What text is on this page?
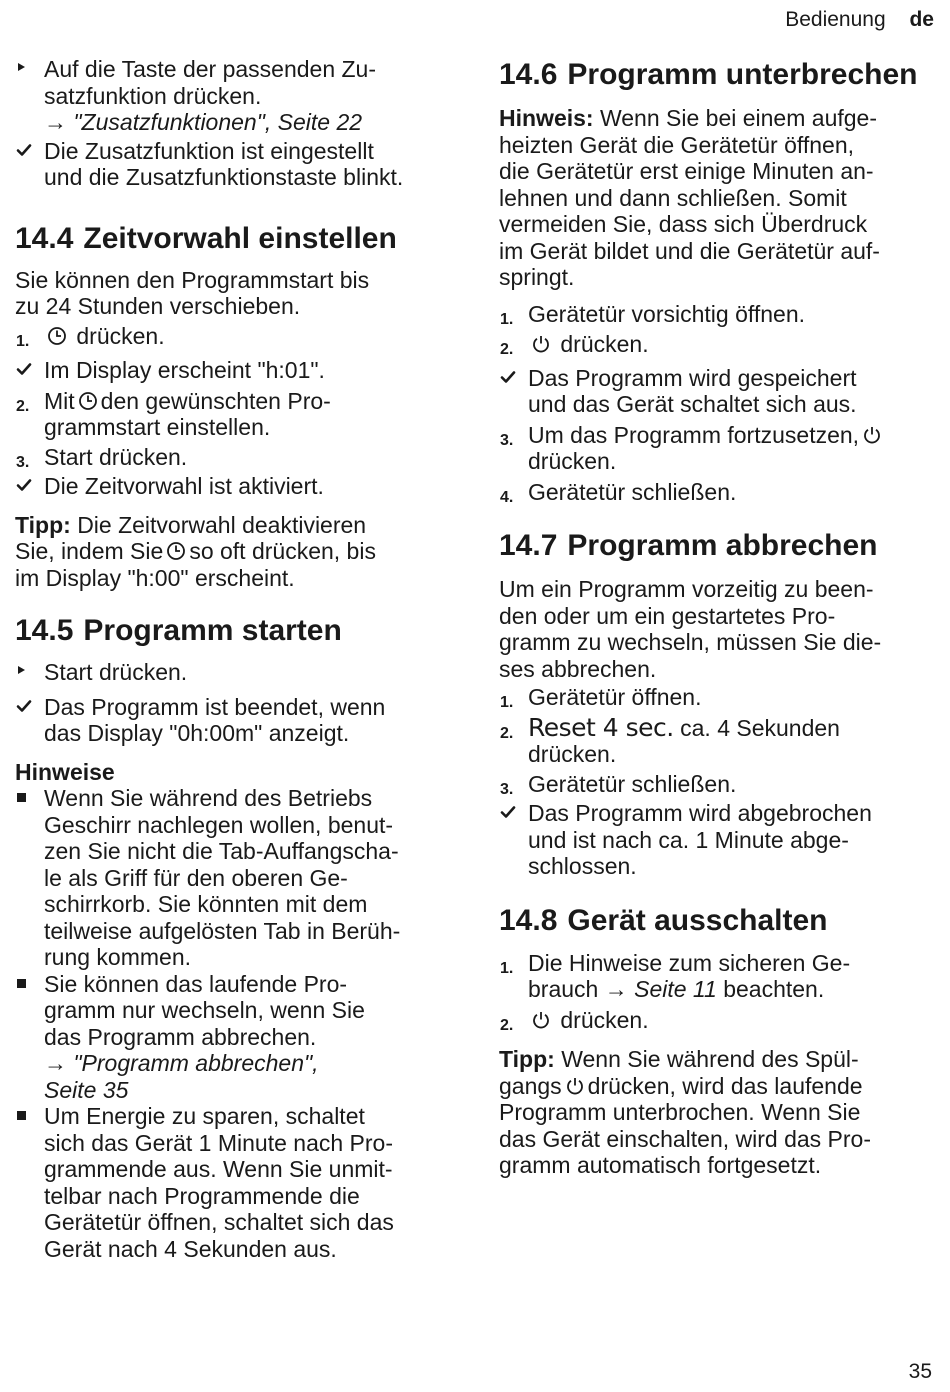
Bedienung de
Auf die Taste der passenden Zu-
satzfunktion drücken.
→ "Zusatzfunktionen", Seite 22
Die Zusatzfunktion ist eingestellt
und die Zusatzfunktionstaste blinkt.
14.4 Zeitvorwahl einstellen
Sie können den Programmstart bis
zu 24 Stunden verschieben.
1.	drücken.
Im Display erscheint "h:01".
2. Mit den gewünschten Pro-
grammstart einstellen.
3. Start drücken.
Die Zeitvorwahl ist aktiviert.
Tipp: Die Zeitvorwahl deaktivieren
Sie, indem Sie so oft drücken, bis
im Display "h:00" erscheint.
14.5 Programm starten
Start drücken.
Das Programm ist beendet, wenn
das Display "0h:00m" anzeigt.
Hinweise
Wenn Sie während des Betriebs
Geschirr nachlegen wollen, benut-
zen Sie nicht die Tab-Auffangscha-
le als Griff für den oberen Ge-
schirrkorb. Sie könnten mit dem
teilweise aufgelösten Tab in Berüh-
rung kommen.
Sie können das laufende Pro-
gramm nur wechseln, wenn Sie
das Programm abbrechen.
→ "Programm abbrechen",
Seite 35
Um Energie zu sparen, schaltet
sich das Gerät 1 Minute nach Pro-
grammende aus. Wenn Sie unmit-
telbar nach Programmende die
Gerätetür öffnen, schaltet sich das
Gerät nach 4 Sekunden aus.
14.6 Programm unterbrechen
Hinweis: Wenn Sie bei einem aufge-
heizten Gerät die Gerätetür öffnen,
die Gerätetür erst einige Minuten an-
lehnen und dann schließen. Somit
vermeiden Sie, dass sich Überdruck
im Gerät bildet und die Gerätetür auf-
springt.
1. Gerätetür vorsichtig öffnen.
2.	drücken.
Das Programm wird gespeichert
und das Gerät schaltet sich aus.
3. Um das Programm fortzusetzen,
drücken.
4. Gerätetür schließen.
14.7 Programm abbrechen
Um ein Programm vorzeitig zu been-
den oder um ein gestartetes Pro-
gramm zu wechseln, müssen Sie die-
ses abbrechen.
1. Gerätetür öffnen.
2. Reset 4 sec. ca. 4 Sekunden
drücken.
3. Gerätetür schließen.
Das Programm wird abgebrochen
und ist nach ca. 1 Minute abge-
schlossen.
14.8 Gerät ausschalten
1. Die Hinweise zum sicheren Ge-
brauch → Seite 11 beachten.
2.	drücken.
Tipp: Wenn Sie während des Spül-
gangs drücken, wird das laufende
Programm unterbrochen. Wenn Sie
das Gerät einschalten, wird das Pro-
gramm automatisch fortgesetzt.
35
